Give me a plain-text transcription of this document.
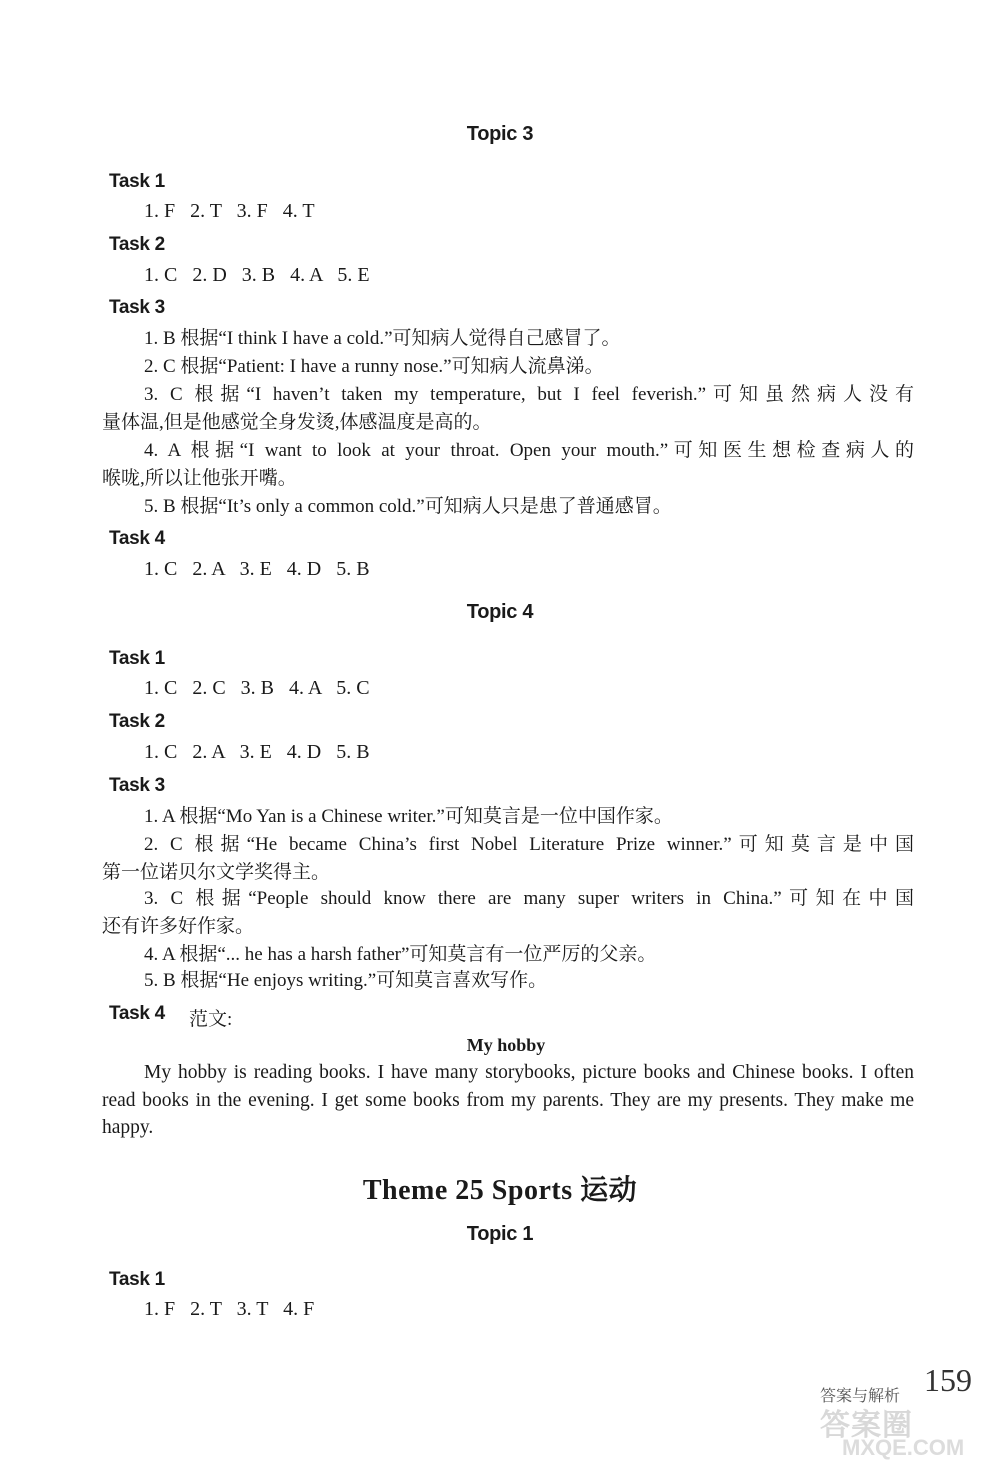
Topic 3
Task 1
1. F   2. T   3. F   4. T
Task 2
1. C   2. D   3. B   4. A   5. E
Task 3
1. B 根据“I think I have a cold.”可知病人觉得自己感冒了。
2. C 根据“Patient: I have a runny nose.”可知病人流鼻涕。
3. C 根据“I haven’t taken my temperature, but I feel feverish.”可知虽然病人没有
量体温,但是他感觉全身发烫,体感温度是高的。
4. A 根据“I want to look at your throat. Open your mouth.”可知医生想检查病人的
喉咙,所以让他张开嘴。
5. B 根据“It’s only a common cold.”可知病人只是患了普通感冒。
Task 4
1. C   2. A   3. E   4. D   5. B
Topic 4
Task 1
1. C   2. C   3. B   4. A   5. C
Task 2
1. C   2. A   3. E   4. D   5. B
Task 3
1. A 根据“Mo Yan is a Chinese writer.”可知莫言是一位中国作家。
2. C 根据“He became China’s first Nobel Literature Prize winner.”可知莫言是中国
第一位诺贝尔文学奖得主。
3. C 根据“People should know there are many super writers in China.”可知在中国
还有许多好作家。
4. A 根据“... he has a harsh father”可知莫言有一位严厉的父亲。
5. B 根据“He enjoys writing.”可知莫言喜欢写作。
Task 4 范文:
My hobby
My hobby is reading books. I have many storybooks, picture books and Chinese books. I often read books in the evening. I get some books from my parents. They are my presents. They make me happy.
Theme 25 Sports 运动
Topic 1
Task 1
1. F   2. T   3. T   4. F
答案与解析 159
答案圈
MXQE.COM
